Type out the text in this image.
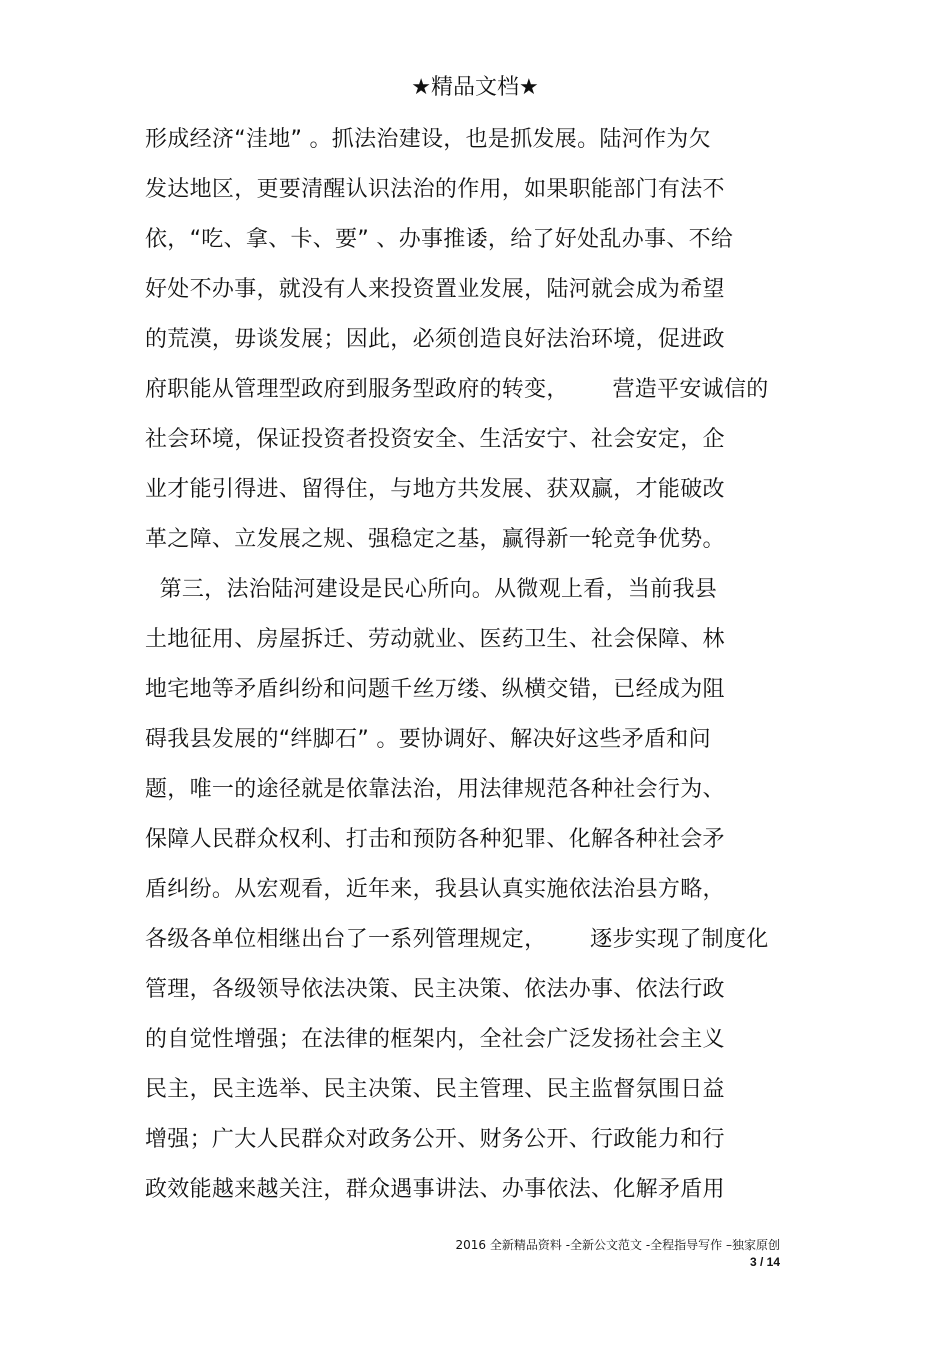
★精品文档★
形成经济“洼地” 。抓法治建设，也是抓发展。陆河作为欠
发达地区，更要清醒认识法治的作用，如果职能部门有法不
依，“吃、拿、卡、要” 、办事推诿，给了好处乱办事、不给
好处不办事，就没有人来投资置业发展，陆河就会成为希望
的荒漠，毋谈发展；因此，必须创造良好法治环境，促进政
府职能从管理型政府到服务型政府的转变，      营造平安诚信的
社会环境，保证投资者投资安全、生活安宁、社会安定，企
业才能引得进、留得住，与地方共发展、获双赢，才能破改
革之障、立发展之规、强稳定之基，赢得新一轮竞争优势。
第三，法治陆河建设是民心所向。从微观上看，当前我县
土地征用、房屋拆迁、劳动就业、医药卫生、社会保障、林
地宅地等矛盾纠纷和问题千丝万缕、纵横交错，已经成为阻
碍我县发展的“绊脚石” 。要协调好、解决好这些矛盾和问
题，唯一的途径就是依靠法治，用法律规范各种社会行为、
保障人民群众权利、打击和预防各种犯罪、化解各种社会矛
盾纠纷。从宏观看，近年来，我县认真实施依法治县方略，
各级各单位相继出台了一系列管理规定，      逐步实现了制度化
管理，各级领导依法决策、民主决策、依法办事、依法行政
的自觉性增强；在法律的框架内，全社会广泛发扬社会主义
民主，民主选举、民主决策、民主管理、民主监督氛围日益
增强；广大人民群众对政务公开、财务公开、行政能力和行
政效能越来越关注，群众遇事讲法、办事依法、化解矛盾用
2016 全新精品资料 -全新公文范文 -全程指导写作 –独家原创
3 / 14
